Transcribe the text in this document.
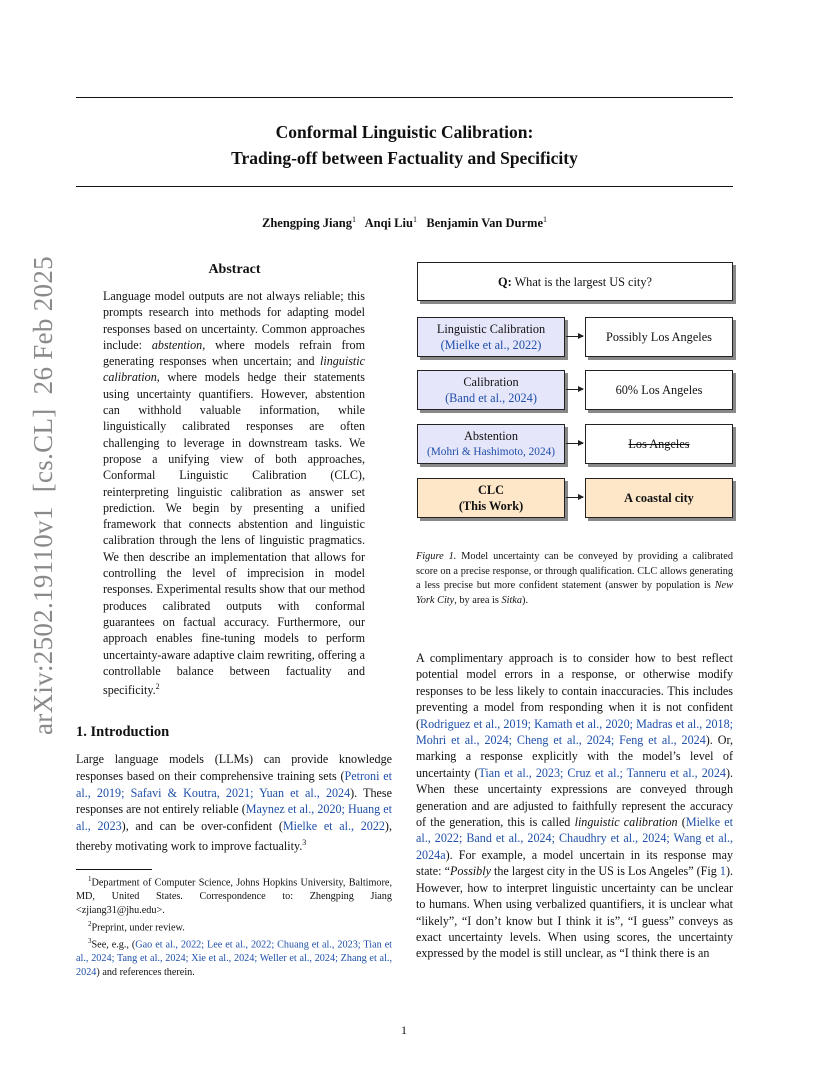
Conformal Linguistic Calibration:
Trading-off between Factuality and Specificity
Zhengping Jiang$^1$ Anqi Liu$^1$ Benjamin Van Durme$^1$
arXiv:2502.19110v1  [cs.CL]  26 Feb 2025	Abstract
Language model outputs are not always reliable; this prompts research into methods for adapting model responses based on uncertainty. Common approaches include: abstention, where models refrain from generating responses when uncertain; and linguistic calibration, where models hedge their statements using uncertainty quantifiers. However, abstention can withhold valuable information, while linguistically calibrated responses are often challenging to leverage in downstream tasks. We propose a unifying view of both approaches, Conformal Linguistic Calibration (CLC), reinterpreting linguistic calibration as answer set prediction. We begin by presenting a unified framework that connects abstention and linguistic calibration through the lens of linguistic pragmatics. We then describe an implementation that allows for controlling the level of imprecision in model responses. Experimental results show that our method produces calibrated outputs with conformal guarantees on factual accuracy. Furthermore, our approach enables fine-tuning models to perform uncertainty-aware adaptive claim rewriting, offering a controllable balance between factuality and specificity.$^2$
1. Introduction
Large language models (LLMs) can provide knowledge responses based on their comprehensive training sets (Petroni et al., 2019; Safavi & Koutra, 2021; Yuan et al., 2024). These responses are not entirely reliable (Maynez et al., 2020; Huang et al., 2023), and can be over-confident (Mielke et al., 2022), thereby motivating work to improve factuality.$^3$

$^1$Department of Computer Science, Johns Hopkins University, Baltimore, MD, United States. Correspondence to: Zhengping Jiang <zjiang31@jhu.edu>.

$^2$Preprint, under review.

$^3$See, e.g., (Gao et al., 2022; Lee et al., 2022; Chuang et al., 2023; Tian et al., 2024; Tang et al., 2024; Xie et al., 2024; Weller et al., 2024; Zhang et al., 2024) and references therein.

Q: What is the largest US city?
Linguistic Calibration
(Mielke et al., 2022)
Possibly Los Angeles
Calibration
(Band et al., 2024)
60% Los Angeles
Abstention
(Mohri & Hashimoto, 2024)
Los Angeles
CLC
(This Work)
A coastal city
Figure 1. Model uncertainty can be conveyed by providing a calibrated score on a precise response, or through qualification. CLC allows generating a less precise but more confident statement (answer by population is New York City, by area is Sitka).
A complimentary approach is to consider how to best reflect potential model errors in a response, or otherwise modify responses to be less likely to contain inaccuracies. This includes preventing a model from responding when it is not confident (Rodriguez et al., 2019; Kamath et al., 2020; Madras et al., 2018; Mohri et al., 2024; Cheng et al., 2024; Feng et al., 2024). Or, marking a response explicitly with the model’s level of uncertainty (Tian et al., 2023; Cruz et al.; Tanneru et al., 2024). When these uncertainty expressions are conveyed through generation and are adjusted to faithfully represent the accuracy of the generation, this is called linguistic calibration (Mielke et al., 2022; Band et al., 2024; Chaudhry et al., 2024; Wang et al., 2024a). For example, a model uncertain in its response may state: “Possibly the largest city in the US is Los Angeles” (Fig 1). However, how to interpret linguistic uncertainty can be unclear to humans. When using verbalized quantifiers, it is unclear what “likely”, “I don’t know but I think it is”, “I guess” conveys as exact uncertainty levels. When using scores, the uncertainty expressed by the model is still unclear, as “I think there is an
1
